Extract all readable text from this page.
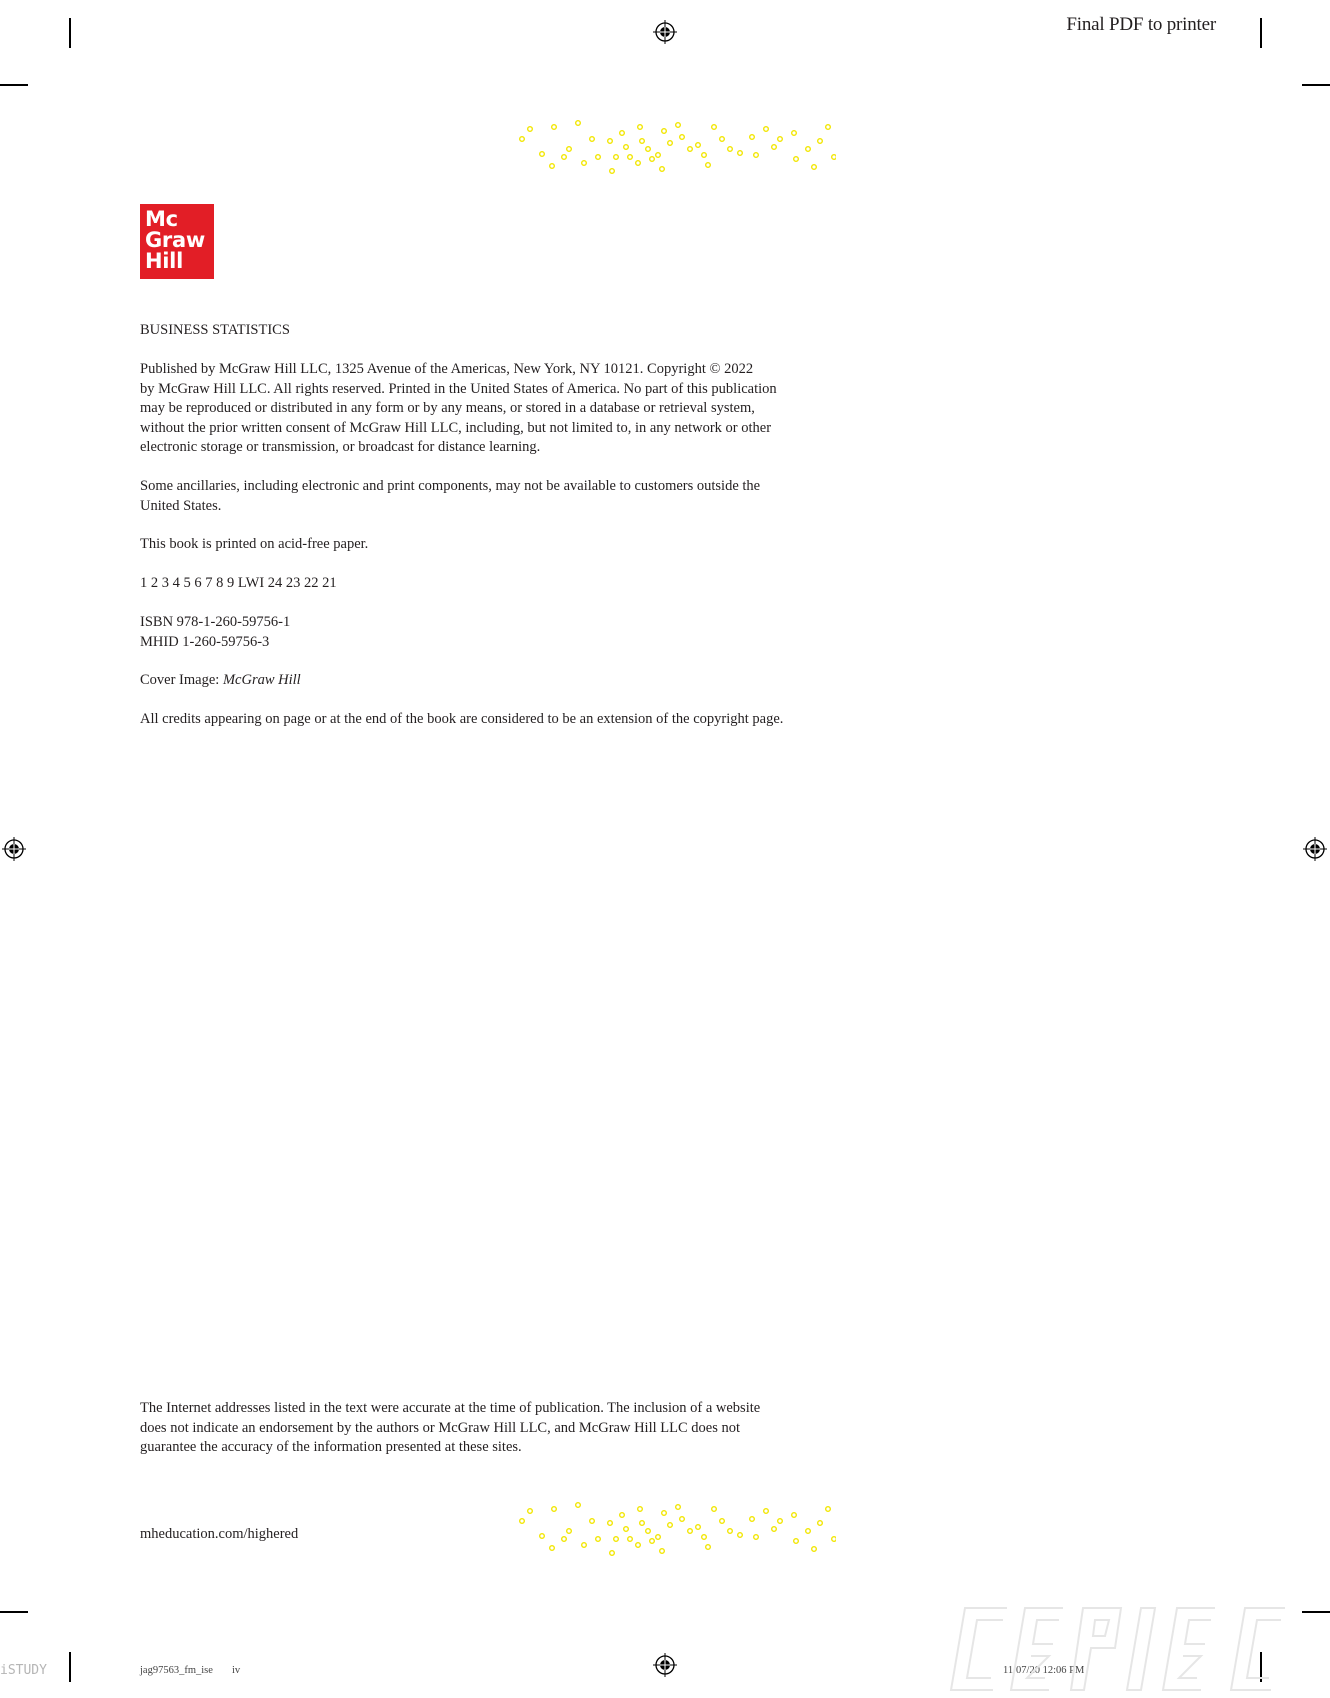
Final PDF to printer
Mc
Graw
Hill
BUSINESS STATISTICS

Published by McGraw Hill LLC, 1325 Avenue of the Americas, New York, NY 10121. Copyright © 2022

by McGraw Hill LLC. All rights reserved. Printed in the United States of America. No part of this publication

may be reproduced or distributed in any form or by any means, or stored in a database or retrieval system,

without the prior written consent of McGraw Hill LLC, including, but not limited to, in any network or other

electronic storage or transmission, or broadcast for distance learning.

Some ancillaries, including electronic and print components, may not be available to customers outside the

United States.

This book is printed on acid-free paper.
1 2 3 4 5 6 7 8 9 LWI 24 23 22 21

ISBN 978-1-260-59756-1

MHID 1-260-59756-3

Cover Image: McGraw Hill
All credits appearing on page or at the end of the book are considered to be an extension of the copyright page.

The Internet addresses listed in the text were accurate at the time of publication. The inclusion of a website

does not indicate an endorsement by the authors or McGraw Hill LLC, and McGraw Hill LLC does not

guarantee the accuracy of the information presented at these sites.

mheducation.com/highered
jag97563_fm_ise iv	11/07/20 12:06 PM
iSTUDY
